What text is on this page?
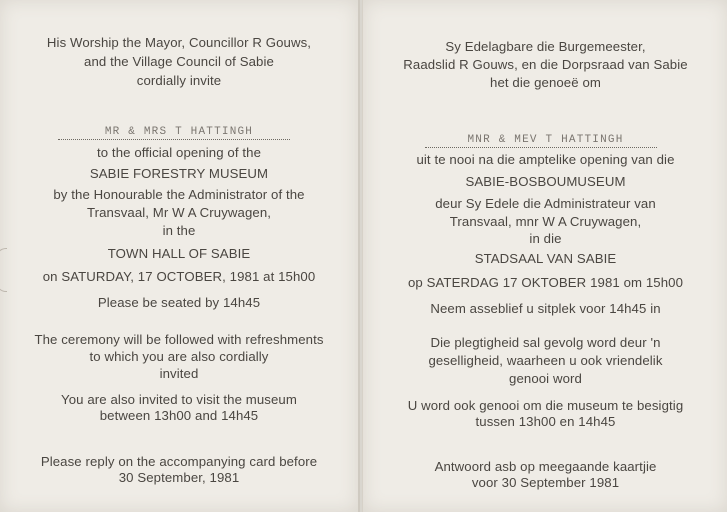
His Worship the Mayor, Councillor R Gouws,
and the Village Council of Sabie
cordially invite
MR & MRS T HATTINGH
to the official opening of the
SABIE FORESTRY MUSEUM
by the Honourable the Administrator of the
Transvaal, Mr W A Cruywagen,
in the
TOWN HALL OF SABIE
on SATURDAY, 17 OCTOBER, 1981 at 15h00
Please be seated by 14h45
The ceremony will be followed with refreshments
to which you are also cordially
invited
You are also invited to visit the museum
between 13h00 and 14h45
Please reply on the accompanying card before
30 September, 1981
Sy Edelagbare die Burgemeester,
Raadslid R Gouws, en die Dorpsraad van Sabie
het die genoeë om
MNR & MEV T HATTINGH
uit te nooi na die amptelike opening van die
SABIE-BOSBOUMUSEUM
deur Sy Edele die Administrateur van
Transvaal, mnr W A Cruywagen,
in die
STADSAAL VAN SABIE
op SATERDAG 17 OKTOBER 1981 om 15h00
Neem asseblief u sitplek voor 14h45 in
Die plegtigheid sal gevolg word deur 'n
geselligheid, waarheen u ook vriendelik
genooi word
U word ook genooi om die museum te besigtig
tussen 13h00 en 14h45
Antwoord asb op meegaande kaartjie
voor 30 September 1981
